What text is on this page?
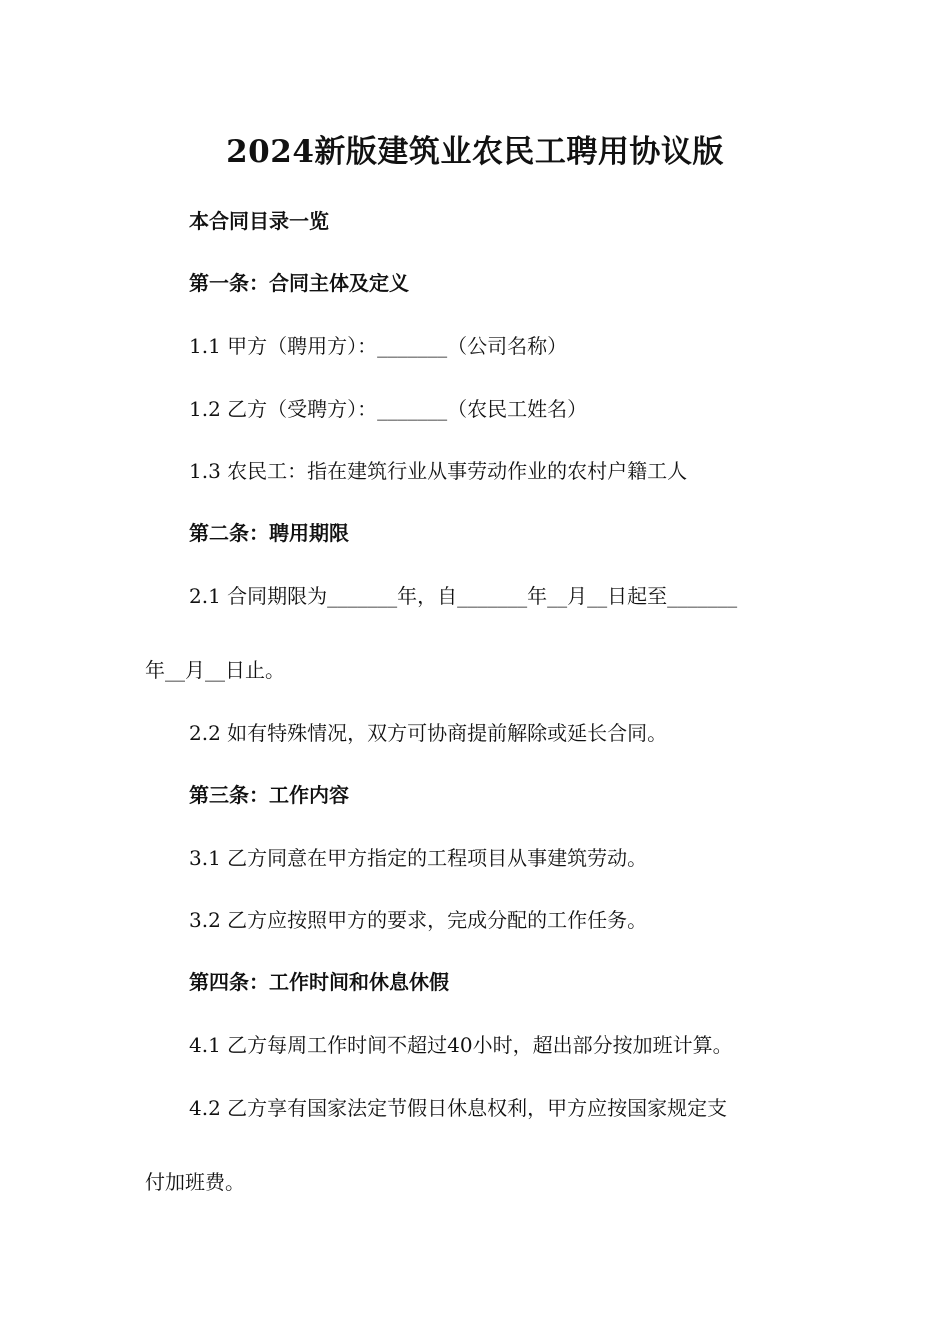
2024新版建筑业农民工聘用协议版
本合同目录一览
第一条：合同主体及定义
1.1 甲方（聘用方）：_______（公司名称）
1.2 乙方（受聘方）：_______（农民工姓名）
1.3 农民工：指在建筑行业从事劳动作业的农村户籍工人
第二条：聘用期限
2.1 合同期限为_______年，自_______年__月__日起至_______
年__月__日止。
2.2 如有特殊情况，双方可协商提前解除或延长合同。
第三条：工作内容
3.1 乙方同意在甲方指定的工程项目从事建筑劳动。
3.2 乙方应按照甲方的要求，完成分配的工作任务。
第四条：工作时间和休息休假
4.1 乙方每周工作时间不超过40小时，超出部分按加班计算。
4.2 乙方享有国家法定节假日休息权利，甲方应按国家规定支
付加班费。
